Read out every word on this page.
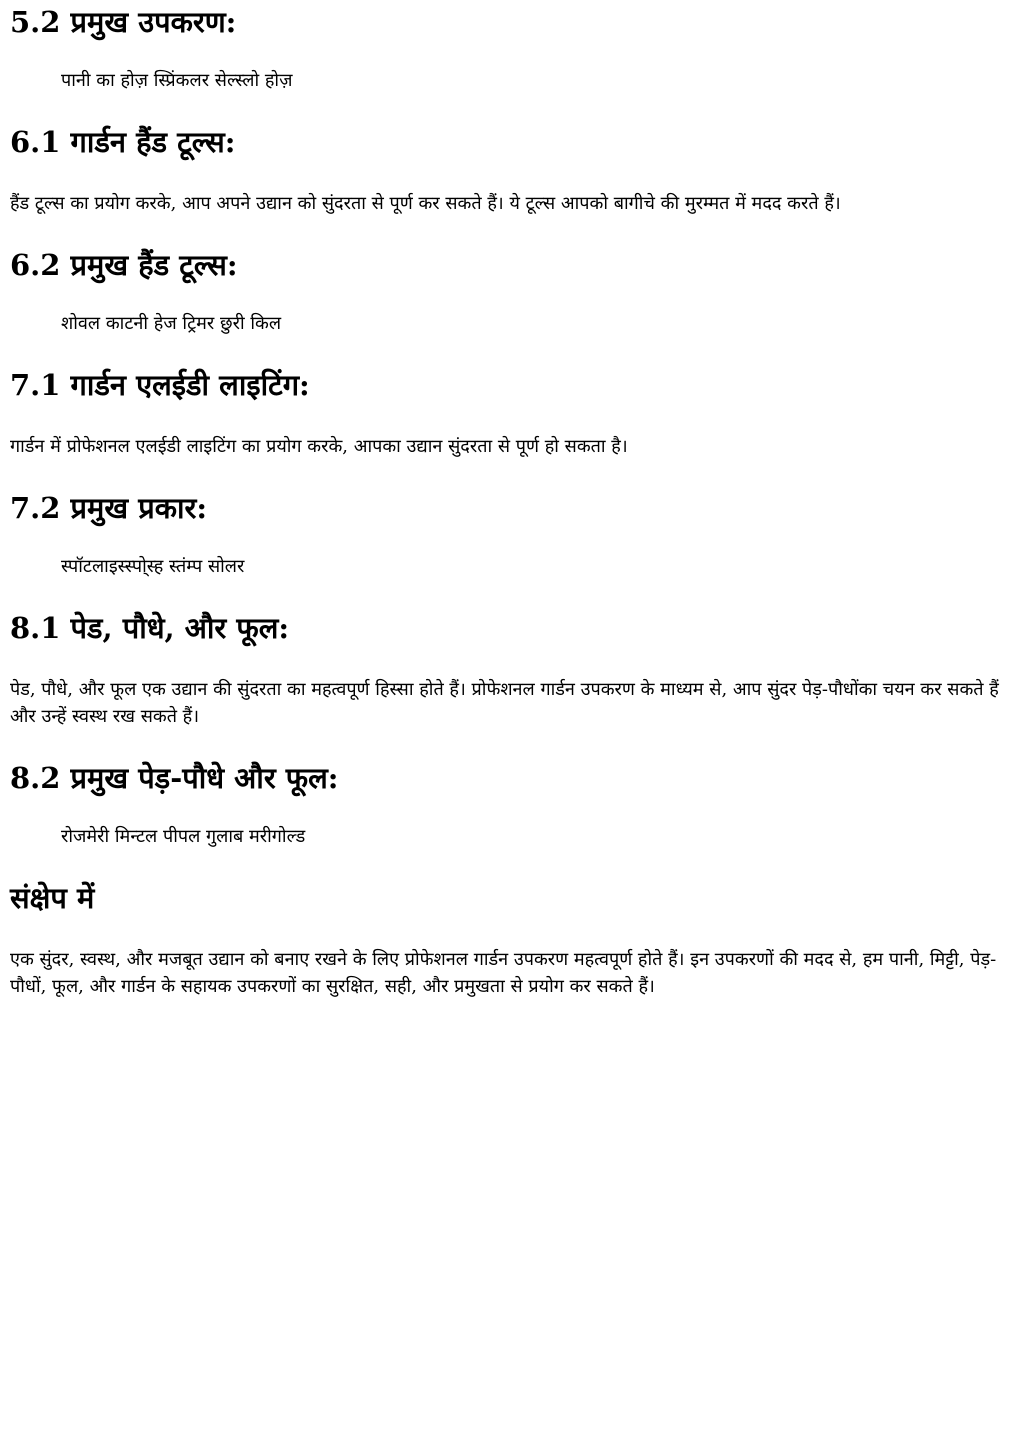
5.2 प्रमुख उपकरण:
पानी का होज़ स्प्रिंकलर सेल्स्लो होज़
6.1 गार्डन हैंड टूल्स:

हैंड टूल्स का प्रयोग करके, आप अपने उद्यान को सुंदरता से पूर्ण कर सकते हैं। ये टूल्स आपको बागीचे की मुरम्मत में मदद करते हैं।

6.2 प्रमुख हैंड टूल्स:
शोवल काटनी हेज ट्रिमर छुरी किल
7.1 गार्डन एलईडी लाइटिंग:

गार्डन में प्रोफेशनल एलईडी लाइटिंग का प्रयोग करके, आपका उद्यान सुंदरता से पूर्ण हो सकता है।

7.2 प्रमुख प्रकार:
स्पॉटलाइस्स्पो्स्ह स्तंम्प सोलर
8.1 पेड, पौधे, और फूल:

पेड, पौधे, और फूल एक उद्यान की सुंदरता का महत्वपूर्ण हिस्सा होते हैं। प्रोफेशनल गार्डन उपकरण के माध्यम से, आप सुंदर पेड़-पौधोंका चयन कर सकते हैं और उन्हें स्वस्थ रख सकते हैं।

8.2 प्रमुख पेड़-पौधे और फूल:
रोजमेरी मिन्टल पीपल गुलाब मरीगोल्ड
संक्षेप में

एक सुंदर, स्वस्थ, और मजबूत उद्यान को बनाए रखने के लिए प्रोफेशनल गार्डन उपकरण महत्वपूर्ण होते हैं। इन उपकरणों की मदद से, हम पानी, मिट्टी, पेड़-पौधों, फूल, और गार्डन के सहायक उपकरणों का सुरक्षित, सही, और प्रमुखता से प्रयोग कर सकते हैं।
